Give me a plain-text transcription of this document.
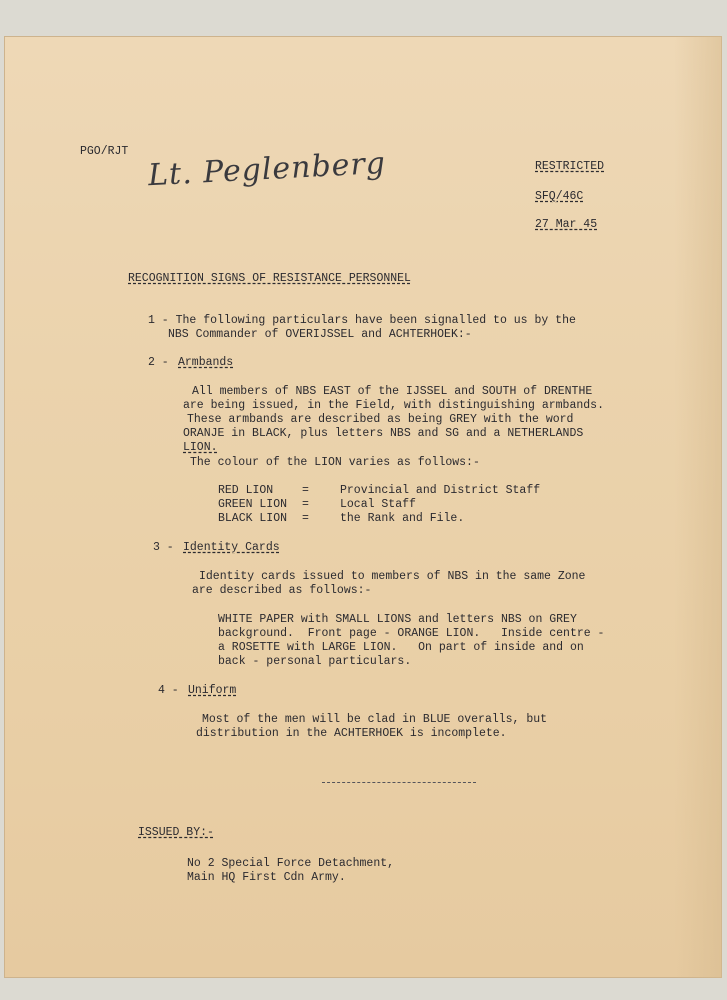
PGO/RJT Lt. Peglenberg	RESTRICTED
SFQ/46C
27 Mar 45
RECOGNITION SIGNS OF RESISTANCE PERSONNEL
1 - The following particulars have been signalled to us by the
NBS Commander of OVERIJSSEL and ACHTERHOEK:-
2 - Armbands
All members of NBS EAST of the IJSSEL and SOUTH of DRENTHE
are being issued, in the Field, with distinguishing armbands.
These armbands are described as being GREY with the word
ORANJE in BLACK, plus letters NBS and SG and a NETHERLANDS
LION.
The colour of the LION varies as follows:-
RED LION	=	Provincial and District Staff
GREEN LION =	Local Staff
BLACK LION =	the Rank and File.
3 - Identity Cards
Identity cards issued to members of NBS in the same Zone
are described as follows:-
WHITE PAPER with SMALL LIONS and letters NBS on GREY
background.  Front page - ORANGE LION.   Inside centre -
a ROSETTE with LARGE LION.   On part of inside and on
back - personal particulars.
4 - Uniform
Most of the men will be clad in BLUE overalls, but
distribution in the ACHTERHOEK is incomplete.
ISSUED BY:-
No 2 Special Force Detachment,
Main HQ First Cdn Army.
